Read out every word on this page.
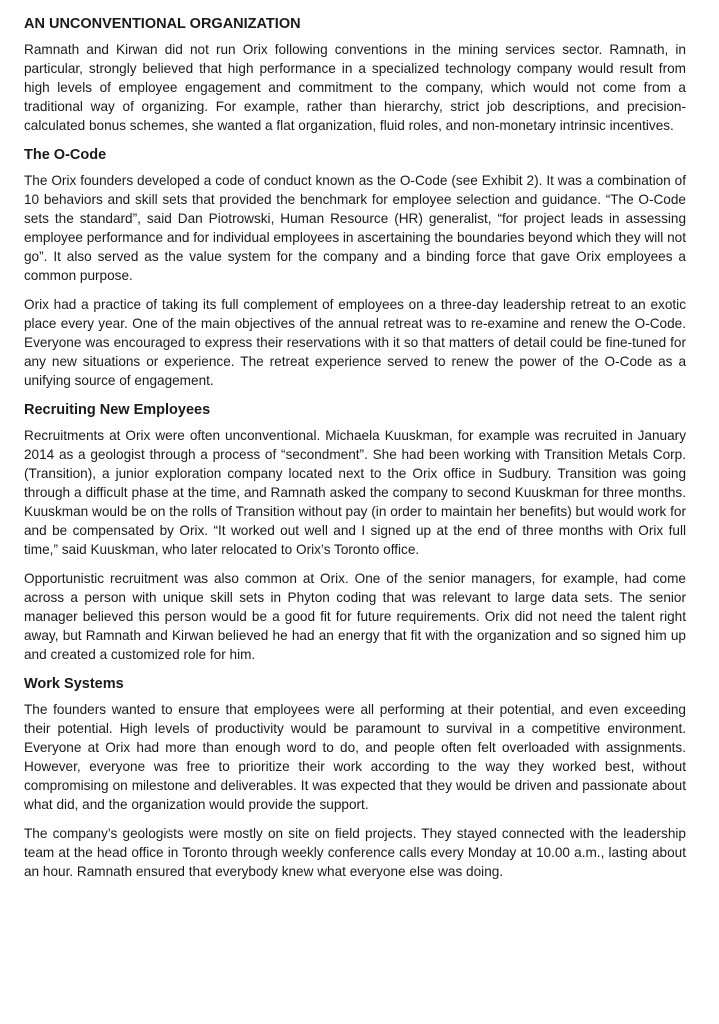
AN UNCONVENTIONAL ORGANIZATION

Ramnath and Kirwan did not run Orix following conventions in the mining services sector. Ramnath, in particular, strongly believed that high performance in a specialized technology company would result from high levels of employee engagement and commitment to the company, which would not come from a traditional way of organizing. For example, rather than hierarchy, strict job descriptions, and precision-calculated bonus schemes, she wanted a flat organization, fluid roles, and non-monetary intrinsic incentives.

The O-Code

The Orix founders developed a code of conduct known as the O-Code (see Exhibit 2). It was a combination of 10 behaviors and skill sets that provided the benchmark for employee selection and guidance. “The O-Code sets the standard”, said Dan Piotrowski, Human Resource (HR) generalist, “for project leads in assessing employee performance and for individual employees in ascertaining the boundaries beyond which they will not go”. It also served as the value system for the company and a binding force that gave Orix employees a common purpose.

Orix had a practice of taking its full complement of employees on a three-day leadership retreat to an exotic place every year. One of the main objectives of the annual retreat was to re-examine and renew the O-Code. Everyone was encouraged to express their reservations with it so that matters of detail could be fine-tuned for any new situations or experience. The retreat experience served to renew the power of the O-Code as a unifying source of engagement.

Recruiting New Employees

Recruitments at Orix were often unconventional. Michaela Kuuskman, for example was recruited in January 2014 as a geologist through a process of “secondment”. She had been working with Transition Metals Corp. (Transition), a junior exploration company located next to the Orix office in Sudbury. Transition was going through a difficult phase at the time, and Ramnath asked the company to second Kuuskman for three months. Kuuskman would be on the rolls of Transition without pay (in order to maintain her benefits) but would work for and be compensated by Orix. “It worked out well and I signed up at the end of three months with Orix full time,” said Kuuskman, who later relocated to Orix’s Toronto office.

Opportunistic recruitment was also common at Orix. One of the senior managers, for example, had come across a person with unique skill sets in Phyton coding that was relevant to large data sets. The senior manager believed this person would be a good fit for future requirements. Orix did not need the talent right away, but Ramnath and Kirwan believed he had an energy that fit with the organization and so signed him up and created a customized role for him.

Work Systems

The founders wanted to ensure that employees were all performing at their potential, and even exceeding their potential. High levels of productivity would be paramount to survival in a competitive environment. Everyone at Orix had more than enough word to do, and people often felt overloaded with assignments. However, everyone was free to prioritize their work according to the way they worked best, without compromising on milestone and deliverables. It was expected that they would be driven and passionate about what did, and the organization would provide the support.

The company’s geologists were mostly on site on field projects. They stayed connected with the leadership team at the head office in Toronto through weekly conference calls every Monday at 10.00 a.m., lasting about an hour. Ramnath ensured that everybody knew what everyone else was doing.
